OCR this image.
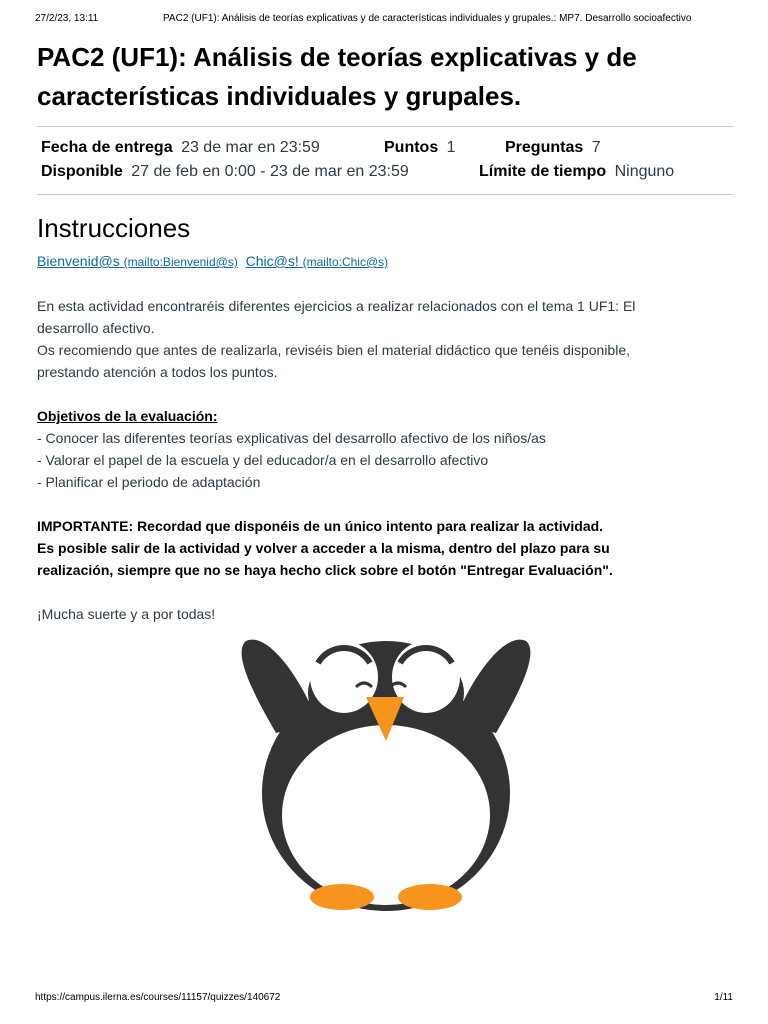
27/2/23, 13:11	PAC2 (UF1): Análisis de teorías explicativas y de características individuales y grupales.: MP7. Desarrollo socioafectivo
PAC2 (UF1): Análisis de teorías explicativas y de características individuales y grupales.
Fecha de entrega 23 de mar en 23:59	Puntos 1	Preguntas 7
Disponible 27 de feb en 0:00 - 23 de mar en 23:59	Límite de tiempo Ninguno
Instrucciones

Bienvenid@s (mailto:Bienvenid@s) Chic@s! (mailto:Chic@s)

En esta actividad encontraréis diferentes ejercicios a realizar relacionados con el tema 1 UF1: El

desarrollo afectivo.

Os recomiendo que antes de realizarla, reviséis bien el material didáctico que tenéis disponible,

prestando atención a todos los puntos.

Objetivos de la evaluación:

- Conocer las diferentes teorías explicativas del desarrollo afectivo de los niños/as

- Valorar el papel de la escuela y del educador/a en el desarrollo afectivo

- Planificar el periodo de adaptación

IMPORTANTE: Recordad que disponéis de un único intento para realizar la actividad.

Es posible salir de la actividad y volver a acceder a la misma, dentro del plazo para su

realización, siempre que no se haya hecho click sobre el botón "Entregar Evaluación".

¡Mucha suerte y a por todas!

https://campus.ilerna.es/courses/11157/quizzes/140672	1/11
